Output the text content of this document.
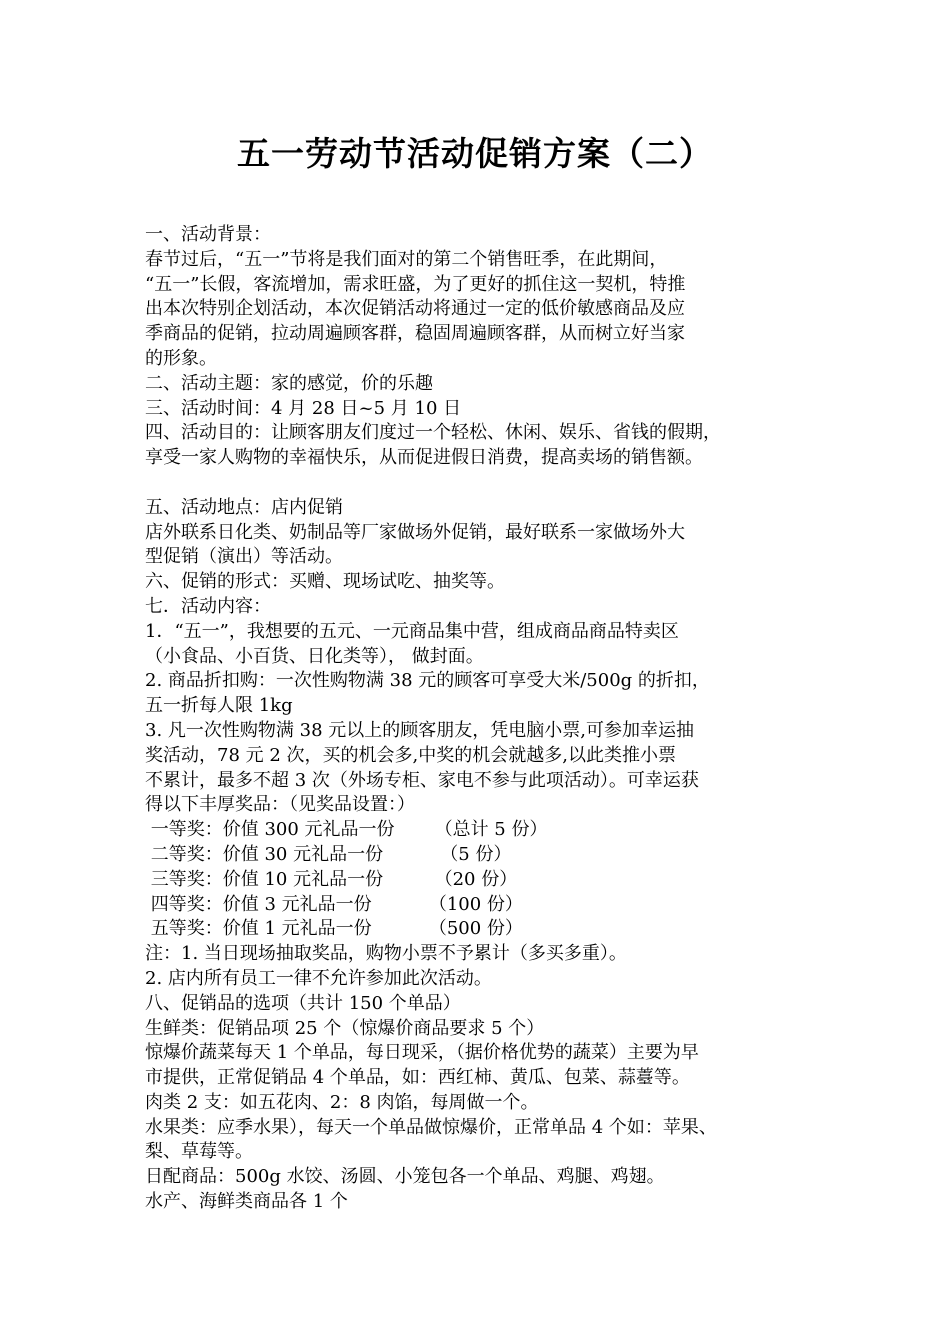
五一劳动节活动促销方案（二）
一、活动背景：
春节过后，“五一”节将是我们面对的第二个销售旺季，在此期间，
“五一”长假，客流增加，需求旺盛，为了更好的抓住这一契机，特推
出本次特别企划活动，本次促销活动将通过一定的低价敏感商品及应
季商品的促销，拉动周遍顾客群，稳固周遍顾客群，从而树立好当家
的形象。
二、活动主题：家的感觉，价的乐趣
三、活动时间：4 月 28 日~5 月 10 日
四、活动目的：让顾客朋友们度过一个轻松、休闲、娱乐、省钱的假期，
享受一家人购物的幸福快乐，从而促进假日消费，提高卖场的销售额。
五、活动地点：店内促销
店外联系日化类、奶制品等厂家做场外促销，最好联系一家做场外大
型促销（演出）等活动。
六、促销的形式：买赠、现场试吃、抽奖等。
七．活动内容：
1．“五一”，我想要的五元、一元商品集中营，组成商品商品特卖区
（小食品、小百货、日化类等）， 做封面。
2. 商品折扣购：一次性购物满 38 元的顾客可享受大米/500g 的折扣，
五一折每人限 1kg
3. 凡一次性购物满 38 元以上的顾客朋友，凭电脑小票,可参加幸运抽
奖活动，78 元 2 次，买的机会多,中奖的机会就越多,以此类推小票
不累计，最多不超 3 次（外场专柜、家电不参与此项活动）。可幸运获
得以下丰厚奖品：（见奖品设置：）
一等奖：价值 300 元礼品一份       （总计 5 份）
二等奖：价值 30 元礼品一份          （5 份）
三等奖：价值 10 元礼品一份         （20 份）
四等奖：价值 3 元礼品一份          （100 份）
五等奖：价值 1 元礼品一份          （500 份）
注：1. 当日现场抽取奖品，购物小票不予累计（多买多重）。
2. 店内所有员工一律不允许参加此次活动。
八、促销品的选项（共计 150 个单品）
生鲜类：促销品项 25 个（惊爆价商品要求 5 个）
惊爆价蔬菜每天 1 个单品，每日现采，（据价格优势的蔬菜）主要为早
市提供，正常促销品 4 个单品，如：西红柿、黄瓜、包菜、蒜薹等。
肉类 2 支：如五花肉、2：8 肉馅，每周做一个。
水果类：应季水果），每天一个单品做惊爆价，正常单品 4 个如：苹果、
梨、草莓等。
日配商品：500g 水饺、汤圆、小笼包各一个单品、鸡腿、鸡翅。
水产、海鲜类商品各 1 个
